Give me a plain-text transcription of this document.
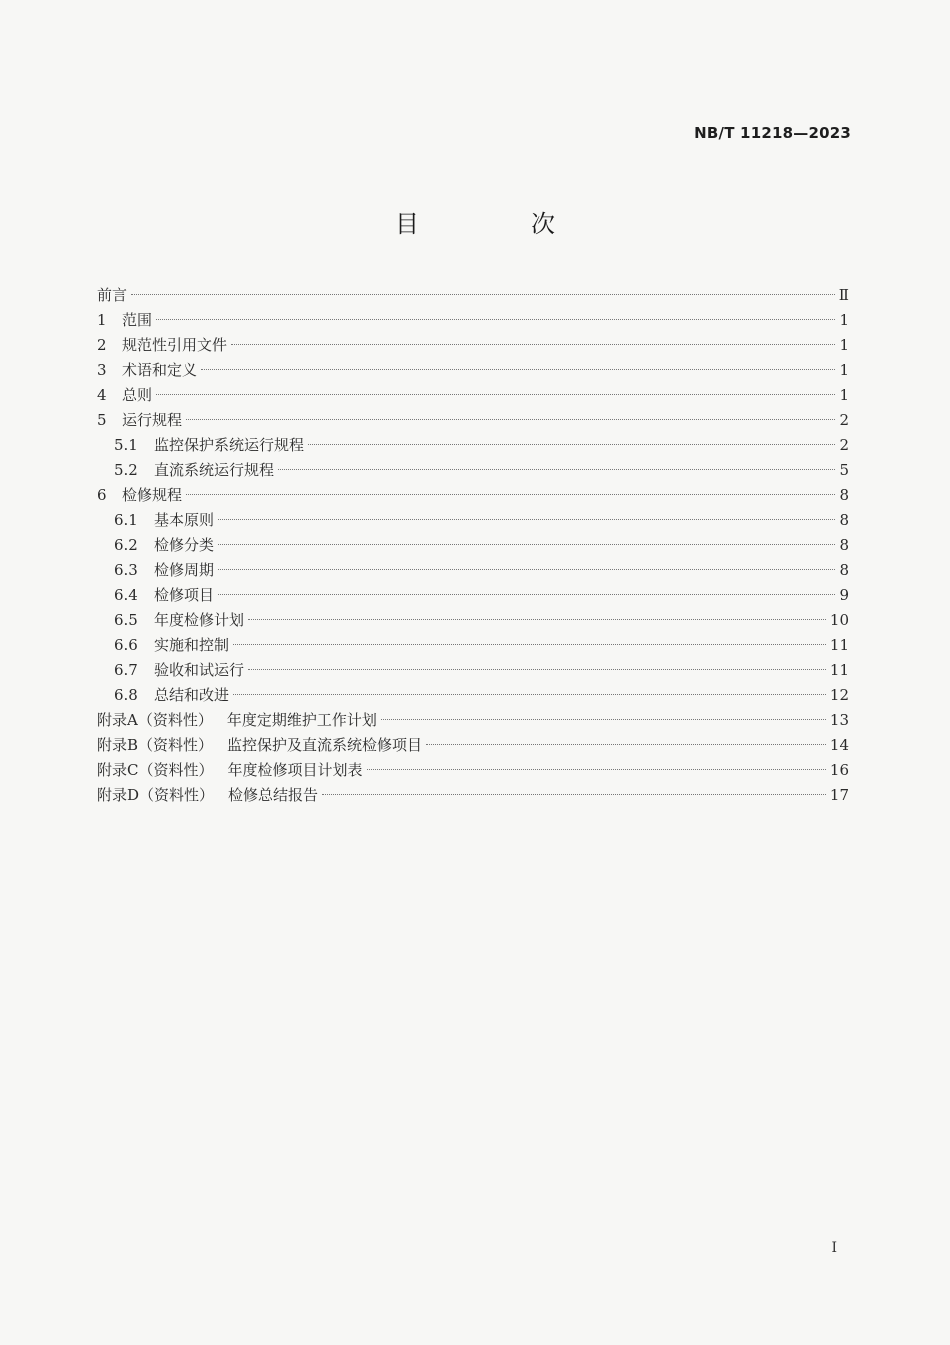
NB/T 11218—2023
目　次
前言	Ⅱ
1	范围	1
2	规范性引用文件	1
3	术语和定义	1
4	总则	1
5	运行规程	2
5.1	监控保护系统运行规程	2
5.2	直流系统运行规程	5
6	检修规程	8
6.1	基本原则	8
6.2	检修分类	8
6.3	检修周期	8
6.4	检修项目	9
6.5	年度检修计划	10
6.6	实施和控制	11
6.7	验收和试运行	11
6.8	总结和改进	12
附录A（资料性） 年度定期维护工作计划	13
附录B（资料性） 监控保护及直流系统检修项目	14
附录C（资料性） 年度检修项目计划表	16
附录D（资料性） 检修总结报告	17
I
